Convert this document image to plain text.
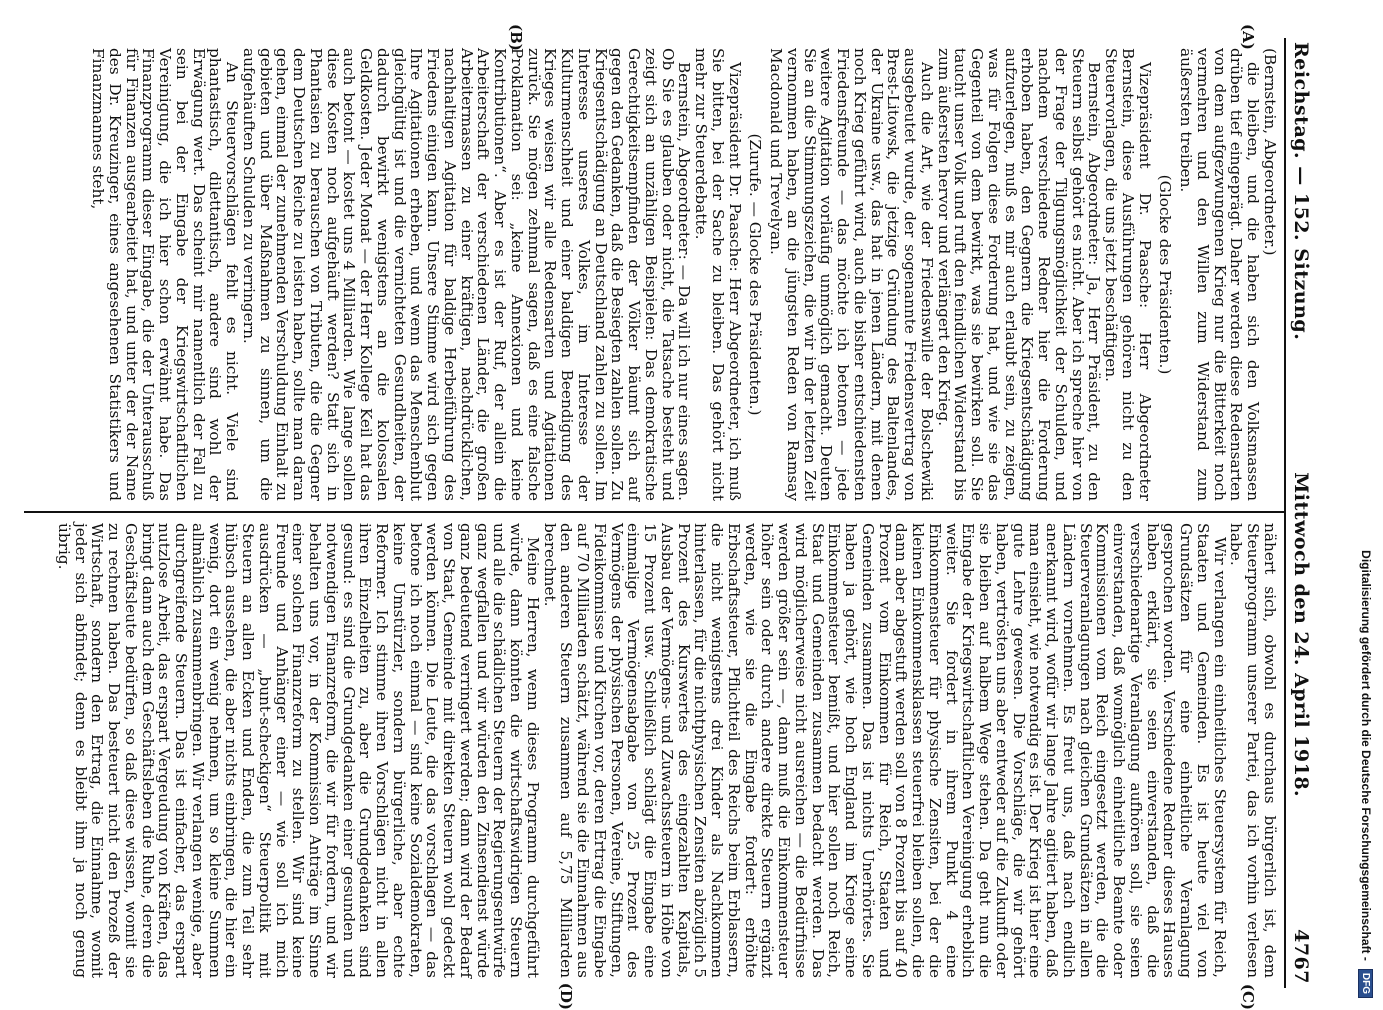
Reichstag. — 152. Sitzung.
Mittwoch den 24. April 1918.
4767
(A)
(B)

(Bernstein, Abgeordneter.)

die bleiben, und die haben sich den Volksmassen drüben tief eingeprägt. Daher werden diese Redensarten von dem aufgezwungenen Krieg nur die Bitterkeit noch vermehren und den Willen zum Widerstand zum äußersten treiben.

(Glocke des Präsidenten.)

Vizepräsident Dr. Paasche: Herr Abgeordneter Bernstein, diese Ausführungen gehören nicht zu den Steuervorlagen, die uns jetzt beschäftigen.

Bernstein, Abgeordneter: Ja, Herr Präsident, zu den Steuern selbst gehört es nicht. Aber ich spreche hier von der Frage der Tilgungsmöglichkeit der Schulden, und nachdem verschiedene Redner hier die Forderung erhoben haben, den Gegnern die Kriegsentschädigung aufzuerlegen, muß es mir auch erlaubt sein, zu zeigen, was für Folgen diese Forderung hat, und wie sie das Gegenteil von dem bewirkt, was sie bewirken soll. Sie taucht unser Volk und ruft den feindlichen Widerstand bis zum äußersten hervor und verlängert den Krieg.

Auch die Art, wie der Friedenswille der Bolschewiki ausgebeutet wurde, der sogenannte Friedensvertrag von Brest-Litowsk, die jetzige Gründung des Baltenlandes, der Ukraine usw., das hat in jenen Ländern, mit denen noch Krieg geführt wird, auch die bisher entschiedensten Friedensfreunde — das möchte ich betonen — jede weitere Agitation vorläufig unmöglich gemacht. Deuten Sie an die Stimmungszeichen, die wir in der letzten Zeit vernommen haben, an die jüngsten Reden von Ramsay Macdonald und Trevelyan.

(Zurufe. — Glocke des Präsidenten.)

Vizepräsident Dr. Paasche: Herr Abgeordneter, ich muß Sie bitten, bei der Sache zu bleiben. Das gehört nicht mehr zur Steuerdebatte.

Bernstein, Abgeordneter: — Da will ich nur eines sagen. Ob Sie es glauben oder nicht, die Tatsache besteht und zeigt sich an unzähligen Beispielen: Das demokratische Gerechtigkeitsempfinden der Völker bäumt sich auf gegen den Gedanken, daß die Besiegten zahlen sollen. Zu Kriegsentschädigung an Deutschland zahlen zu sollen. Im Interesse unseres Volkes, im Interesse der Kulturmenschheit und einer baldigen Beendigung des Krieges weisen wir alle Redensarten und Agitationen zurück. Sie mögen zehnmal sagen, daß es eine falsche Proklamation sei: „keine Annexionen und keine Kontributionen“. Aber es ist der Ruf, der allein die Arbeiterschaft der verschiedenen Länder, die großen Arbeitermassen zu einer kräftigen, nachdrücklichen, nachhaltigen Agitation für baldige Herbeiführung des Friedens einigen kann. Unsere Stimme wird sich gegen Ihre Agitationen erheben, und wenn das Menschenblut gleichgültig ist und die vernichteten Gesundheiten, der dadurch bewirkt wenigstens an die kolossalen Geldkosten. Jeder Monat — der Herr Kollege Keil hat das auch betont — kostet uns 4 Milliarden. Wie lange sollen diese Kosten noch aufgehäuft werden? Statt sich in Phantasien zu berauschen von Tributen, die die Gegner dem Deutschen Reiche zu leisten haben, sollte man daran gehen, einmal der zunehmenden Verschuldung Einhalt zu gebieten und über Maßnahmen zu sinnen, um die aufgehäuften Schulden zu verringern.

An Steuervorschlägen fehlt es nicht. Viele sind phantastisch, dilettantisch, andere sind wohl der Erwägung wert. Das scheint mir namentlich der Fall zu sein bei der Eingabe der Kriegswirtschaftlichen Vereinigung, die ich hier schon erwähnt habe. Das Finanzprogramm dieser Eingabe, die der Unterausschuß für Finanzen ausgearbeitet hat, und unter der der Name des Dr. Kreuzinger, eines angesehenen Statistikers und Finanzmannes steht,

(C)
(D)

nähert sich, obwohl es durchaus bürgerlich ist, dem Steuerprogramm unserer Partei, das ich vorhin verlesen habe.

Wir verlangen ein einheitliches Steuersystem für Reich, Staaten und Gemeinden. Es ist heute viel von Grundsätzen für eine einheitliche Veranlagung gesprochen worden. Verschiedene Redner dieses Hauses haben erklärt, sie seien einverstanden, daß die verschiedenartige Veranlagung aufhören soll, sie seien einverstanden, daß womöglich einheitliche Beamte oder Kommissionen vom Reich eingesetzt werden, die die Steuerveranlagungen nach gleichen Grundsätzen in allen Ländern vornehmen. Es freut uns, daß nach endlich anerkannt wird, wofür wir lange Jahre agitiert haben, daß man einsieht, wie notwendig es ist. Der Krieg ist hier eine gute Lehre gewesen. Die Vorschläge, die wir gehört haben, vertrösten uns aber entweder auf die Zukunft oder sie bleiben auf halbem Wege stehen. Da geht nun die Eingabe der Kriegswirtschaftlichen Vereinigung erheblich weiter. Sie fordert in ihrem Punkt 4 eine Einkommensteuer für physische Zensiten, bei der die kleinen Einkommensklassen steuerfrei bleiben sollen, die dann aber abgestuft werden soll von 8 Prozent bis auf 40 Prozent vom Einkommen für Reich, Staaten und Gemeinden zusammen. Das ist nichts Unerhörtes. Sie haben ja gehört, wie hoch England im Kriege seine Einkommensteuer bemißt, und hier sollen noch Reich, Staat und Gemeinden zusammen bedacht werden. Das wird möglicherweise nicht ausreichen — die Bedürfnisse werden größer sein —, dann muß die Einkommensteuer höher sein oder durch andere direkte Steuern ergänzt werden, wie sie die Eingabe fordert: erhöhte Erbschaftssteuer, Pflichtteil des Reichs beim Erblassern, die nicht wenigstens drei Kinder als Nachkommen hinterlassen, für die nichtphysischen Zensiten abzüglich 5 Prozent des Kurswertes des eingezahlten Kapitals, Ausbau der Vermögens- und Zuwachssteuern in Höhe von 15 Prozent usw. Schließlich schlägt die Eingabe eine einmalige Vermögensabgabe von 25 Prozent des Vermögens der physischen Personen, Vereine, Stiftungen, Fideikommisse und Kirchen vor, deren Ertrag die Eingabe auf 70 Milliarden schätzt, während sie die Einnahmen aus den anderen Steuern zusammen auf 5,75 Milliarden berechnet.

Meine Herren, wenn dieses Programm durchgeführt würde, dann könnten die wirtschaftswidrigen Steuern und alle die schädlichen Steuern der Regierungsentwürfe ganz wegfallen und wir würden den Zinsendienst würde ganz bedeutend verringert werden; dann wird der Bedarf von Staat, Gemeinde mit direkten Steuern wohl gedeckt werden können. Die Leute, die das vorschlagen — das betone ich noch einmal — sind keine Sozialdemokraten, keine Umstürzler, sondern bürgerliche, aber echte Reformer. Ich stimme ihren Vorschlägen nicht in allen ihren Einzelheiten zu, aber die Grundgedanken sind gesund: es sind die Grundgedanken einer gesunden und notwendigen Finanzreform, die wir für fordern, und wir behalten uns vor, in der Kommission Anträge im Sinne einer solchen Finanzreform zu stellen. Wir sind keine Freunde und Anhänger einer — wie soll ich mich ausdrücken — „bunt-scheckigen“ Steuerpolitik mit Steuern an allen Ecken und Enden, die zum Teil sehr hübsch aussehen, die aber nichts einbringen, die hier ein wenig, dort ein wenig nehmen, um so kleine Summen allmählich zusammenbringen. Wir verlangen wenige, aber durchgreifende Steuern. Das ist einfacher, das erspart nutzlose Arbeit, das erspart Vergeudung von Kräften, das bringt dann auch dem Geschäftsleben die Ruhe, deren die Geschäftsleute bedürfen, so daß diese wissen, womit sie zu rechnen haben. Das besteuert nicht den Prozeß der Wirtschaft, sondern den Ertrag, die Einnahme, womit jeder sich abfindet; denn es bleibt ihm ja noch genug übrig.

Digitalisierung gefördert durch die Deutsche Forschungsgemeinschaft -
DFG
